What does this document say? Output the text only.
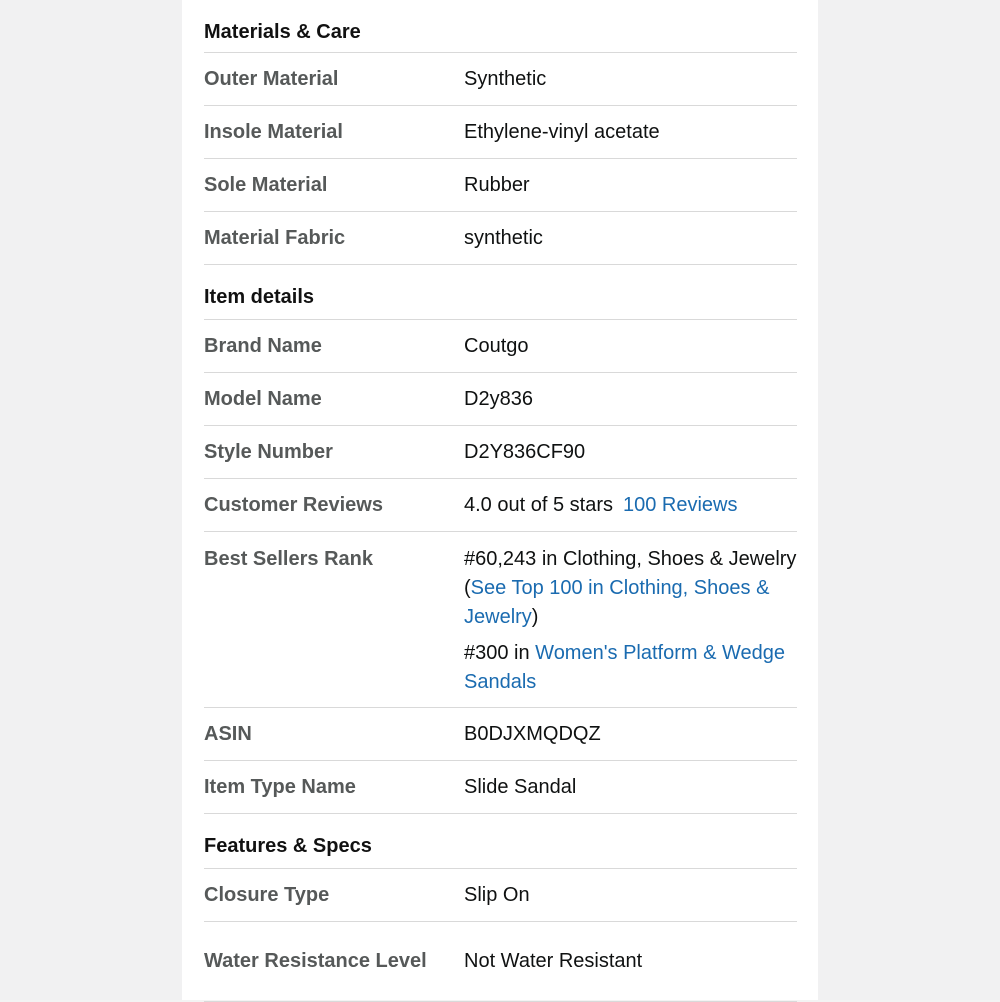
Materials & Care
Outer Material	Synthetic
Insole Material	Ethylene-vinyl acetate
Sole Material	Rubber
Material Fabric	synthetic
Item details
Brand Name	Coutgo
Model Name	D2y836
Style Number	D2Y836CF90
Customer Reviews	4.0 out of 5 stars 100 Reviews
Best Sellers Rank	#60,243 in Clothing, Shoes & Jewelry (See Top 100 in Clothing, Shoes & Jewelry)
#300 in Women's Platform & Wedge Sandals
ASIN	B0DJXMQDQZ
Item Type Name	Slide Sandal
Features & Specs
Closure Type	Slip On
Water Resistance Level	Not Water Resistant
